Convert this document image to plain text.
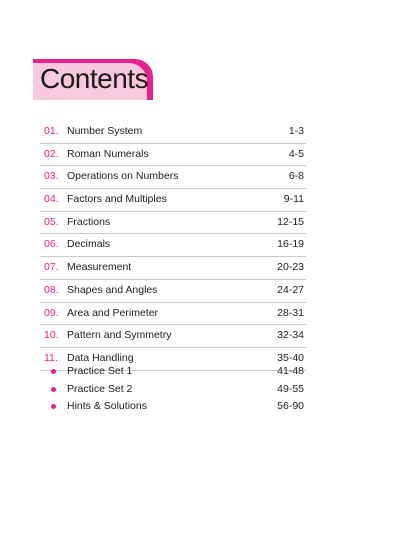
Contents
01. Number System	1-3
02. Roman Numerals	4-5
03. Operations on Numbers	6-8
04. Factors and Multiples	9-11
05. Fractions	12-15
06. Decimals	16-19
07. Measurement	20-23
08. Shapes and Angles	24-27
09. Area and Perimeter	28-31
10. Pattern and Symmetry	32-34
11. Data Handling	35-40
Practice Set 1	41-48
Practice Set 2	49-55
Hints & Solutions	56-90
